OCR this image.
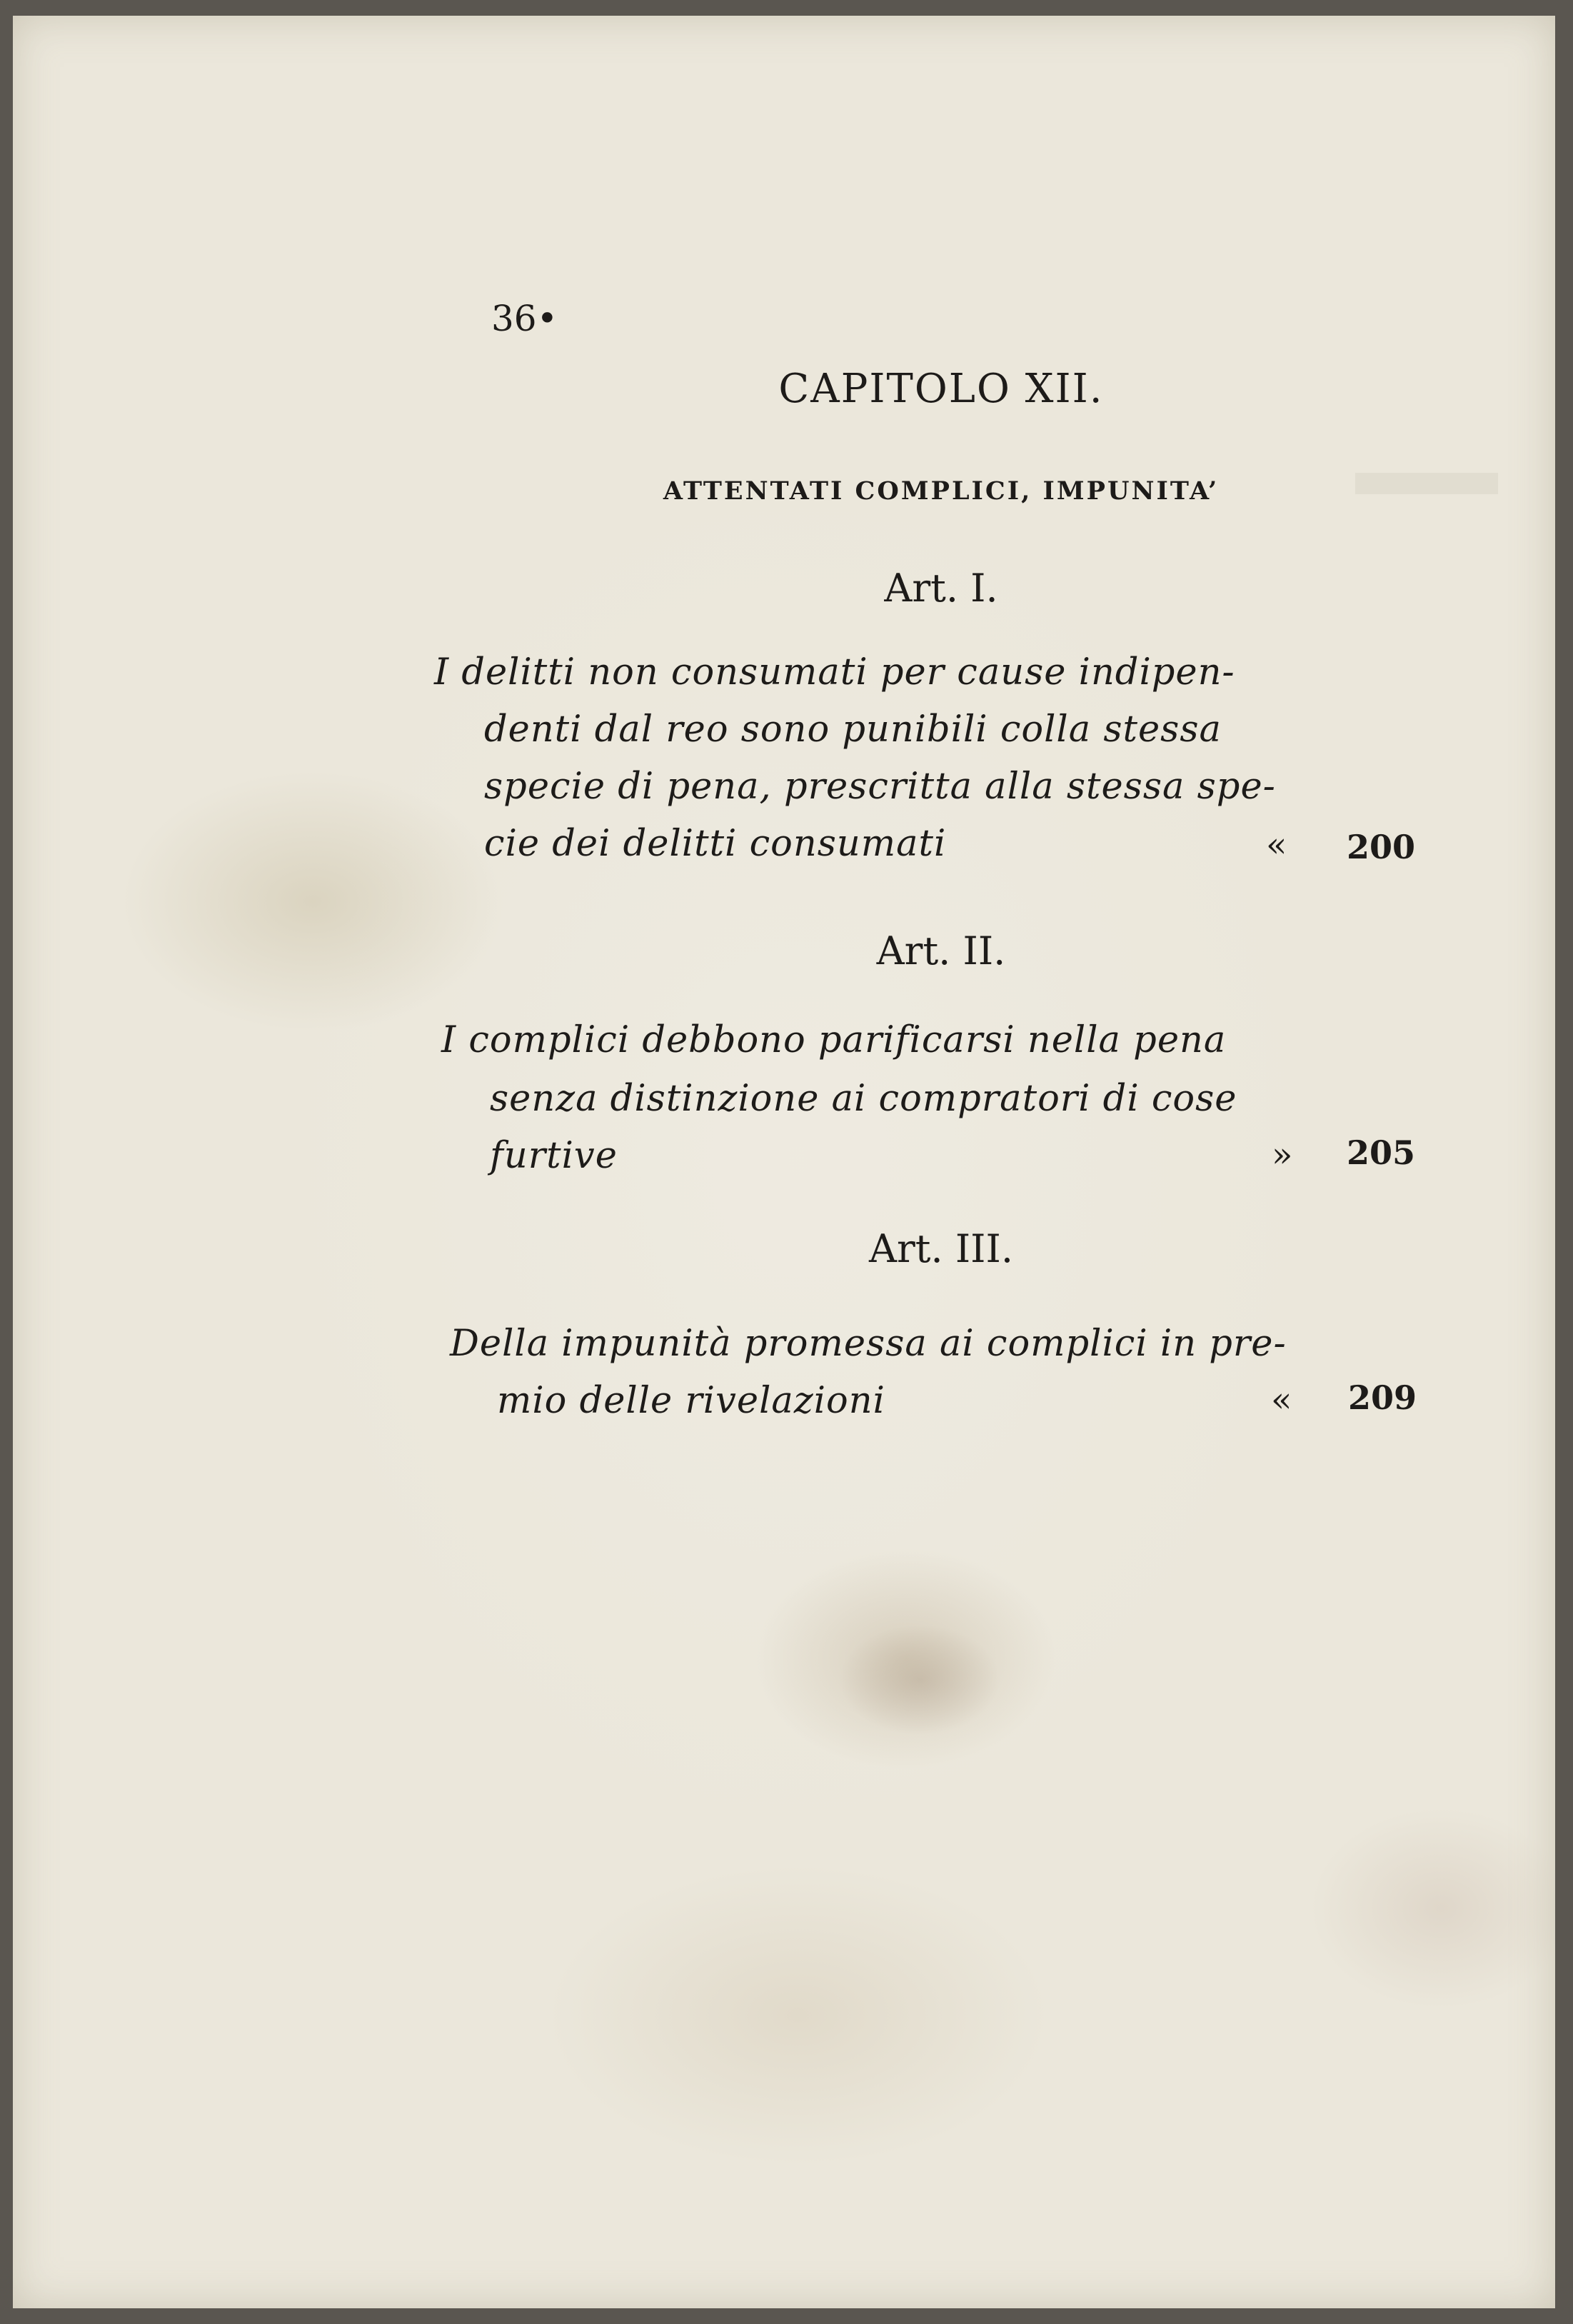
36•
CAPITOLO XII.
ATTENTATI COMPLICI, IMPUNITA’
Art. I.
I delitti non consumati per cause indipen-
denti dal reo sono punibili colla stessa
specie di pena, prescritta alla stessa spe-
cie dei delitti consumati	« 200
Art. II.
I complici debbono parificarsi nella pena
senza distinzione ai compratori di cose
furtive	» 205
Art. III.
Della impunità promessa ai complici in pre-
mio delle rivelazioni	« 209
